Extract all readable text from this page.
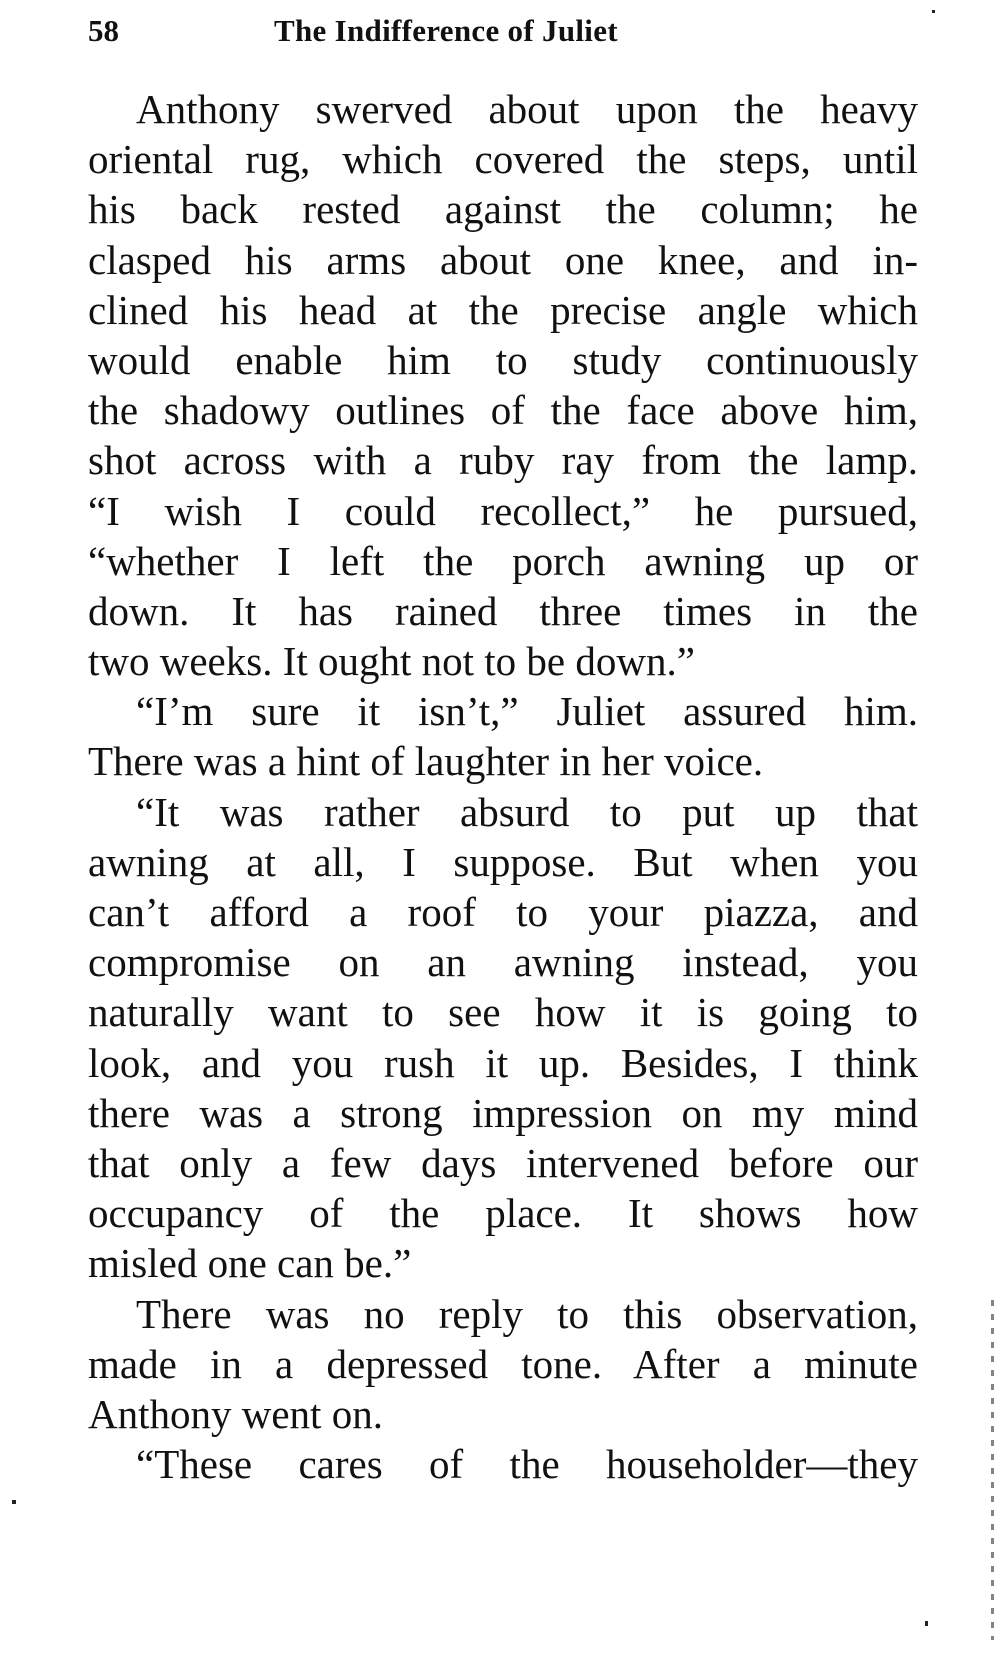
58	The Indifference of Juliet
Anthony swerved about upon the heavy
oriental rug, which covered the steps, until
his back rested against the column; he
clasped his arms about one knee, and in-
clined his head at the precise angle which
would enable him to study continuously
the shadowy outlines of the face above him,
shot across with a ruby ray from the lamp.
“I wish I could recollect,” he pursued,
“whether I left the porch awning up or
down. It has rained three times in the
two weeks. It ought not to be down.”
“I’m sure it isn’t,” Juliet assured him.
There was a hint of laughter in her voice.
“It was rather absurd to put up that
awning at all, I suppose. But when you
can’t afford a roof to your piazza, and
compromise on an awning instead, you
naturally want to see how it is going to
look, and you rush it up. Besides, I think
there was a strong impression on my mind
that only a few days intervened before our
occupancy of the place. It shows how
misled one can be.”
There was no reply to this observation,
made in a depressed tone. After a minute
Anthony went on.
“These cares of the householder—they
